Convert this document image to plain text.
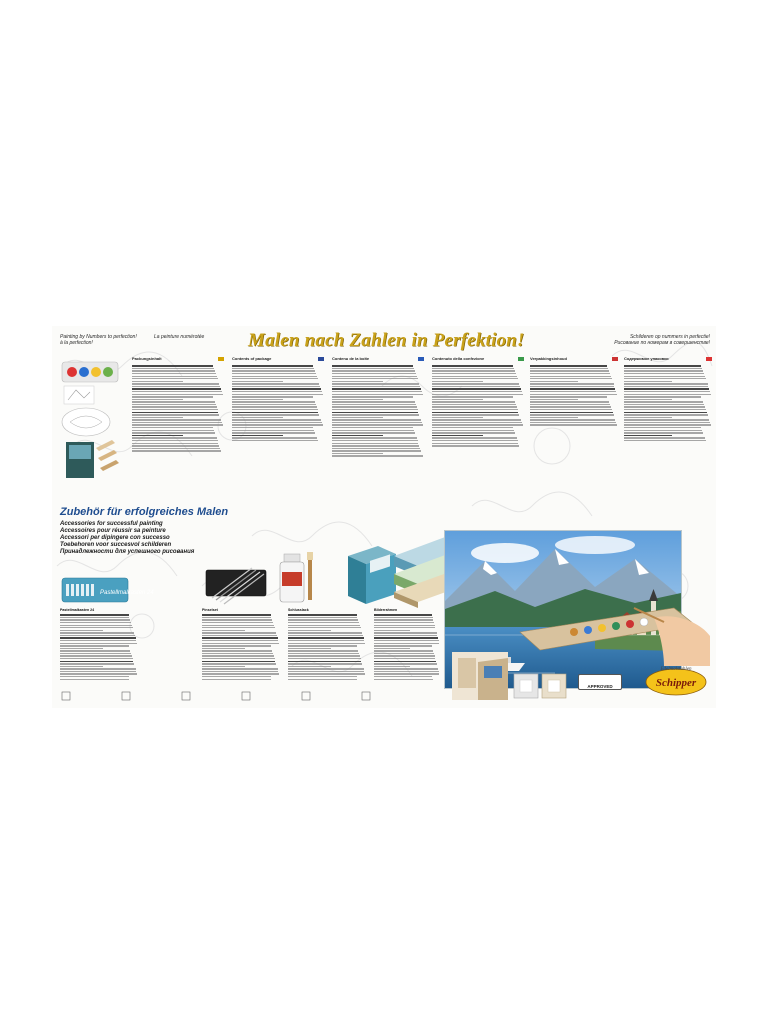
Painting by Numbers to perfection!
à la perfection!
La peinture numérotée	Malen nach Zahlen in Perfektion!	Schilderen op nummers in perfectie!
Рисование по номерам в совершенстве!
Packungsinhalt	Contents of package	Contenu de la boîte	Contenuto della confezione	Verpakkingsinhoud	Содержимое упаковки
Zubehör für erfolgreiches Malen
Accessories for successful painting
Accessoires pour réussir sa peinture
Accessori per dipingere con successo
Toebehoren voor succesvol schilderen
Принадлежности для успешного рисования
Pastellmalkasten 24
Pastellmalkasten 24	Pinselset	Schlusslack	Bilderrahmen
Schipper
Edelmalstuhlen
APPROVED
